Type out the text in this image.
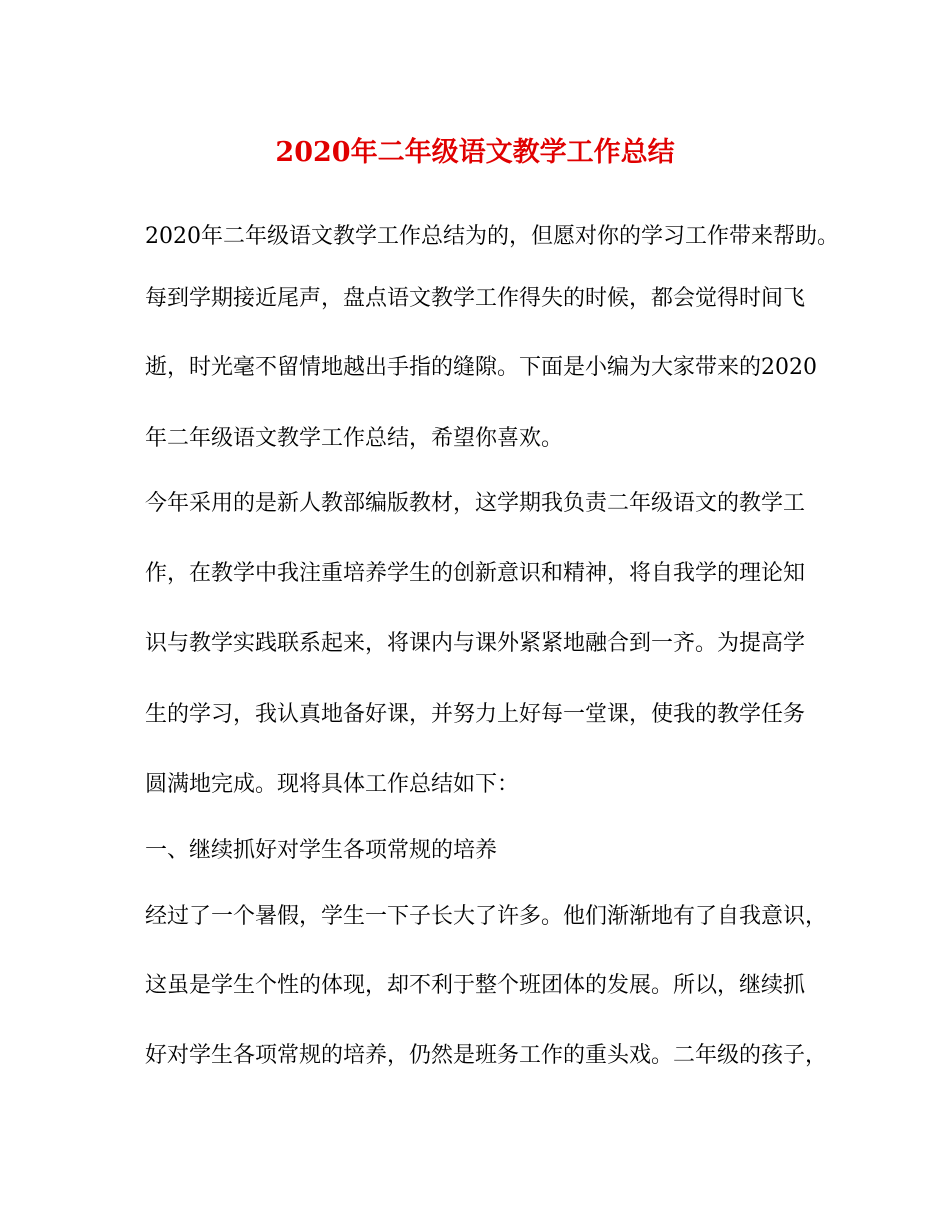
2020年二年级语文教学工作总结
2020年二年级语文教学工作总结为的，但愿对你的学习工作带来帮助。
每到学期接近尾声，盘点语文教学工作得失的时候，都会觉得时间飞
逝，时光毫不留情地越出手指的缝隙。下面是小编为大家带来的2020
年二年级语文教学工作总结，希望你喜欢。
今年采用的是新人教部编版教材，这学期我负责二年级语文的教学工
作，在教学中我注重培养学生的创新意识和精神，将自我学的理论知
识与教学实践联系起来，将课内与课外紧紧地融合到一齐。为提高学
生的学习，我认真地备好课，并努力上好每一堂课，使我的教学任务
圆满地完成。现将具体工作总结如下：
一、继续抓好对学生各项常规的培养
经过了一个暑假，学生一下子长大了许多。他们渐渐地有了自我意识，
这虽是学生个性的体现，却不利于整个班团体的发展。所以，继续抓
好对学生各项常规的培养，仍然是班务工作的重头戏。二年级的孩子，
